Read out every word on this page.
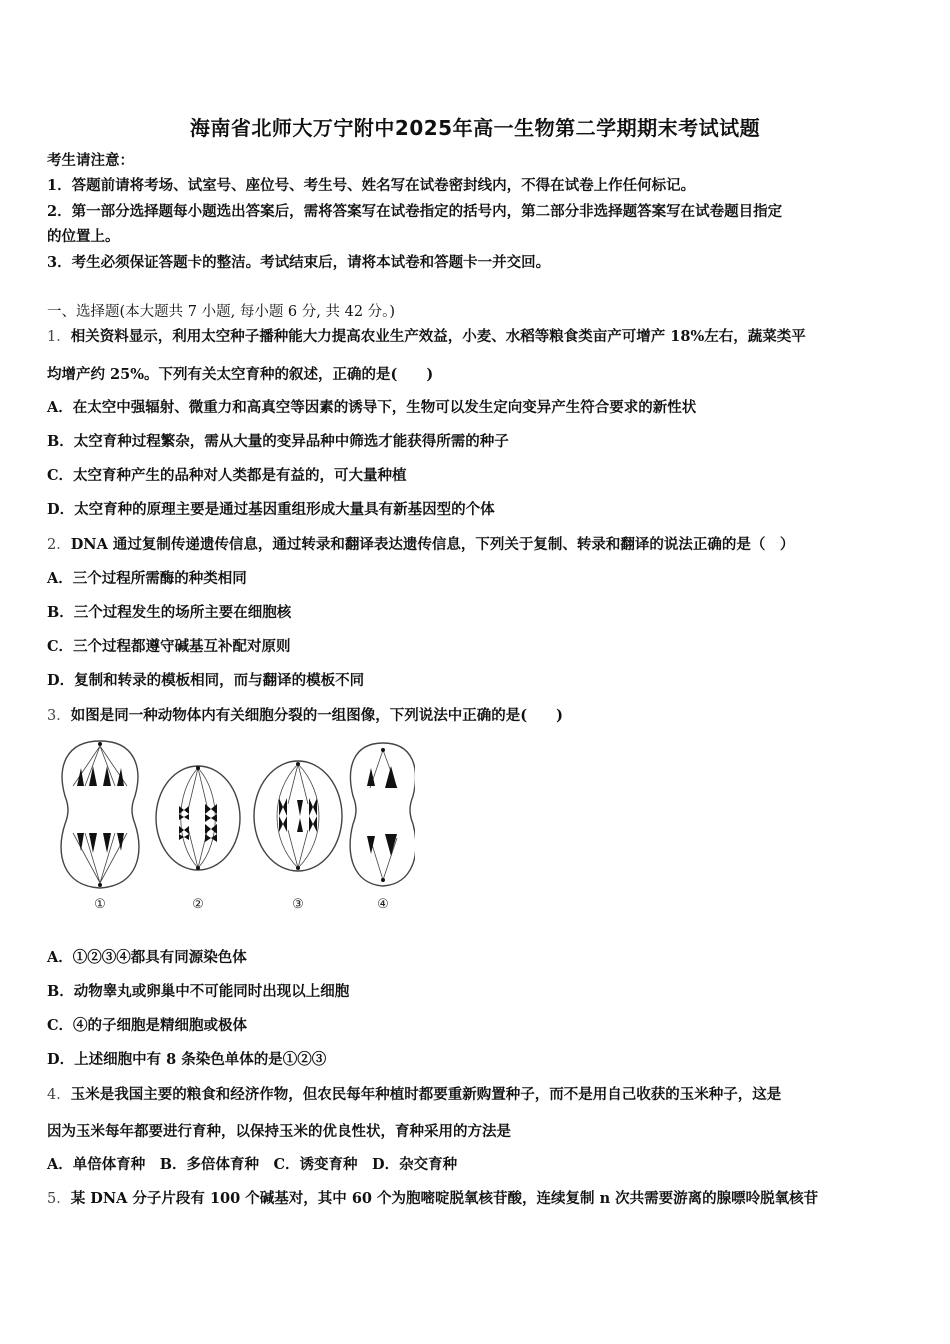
海南省北师大万宁附中2025年高一生物第二学期期末考试试题
考生请注意：
1．答题前请将考场、试室号、座位号、考生号、姓名写在试卷密封线内，不得在试卷上作任何标记。
2．第一部分选择题每小题选出答案后，需将答案写在试卷指定的括号内，第二部分非选择题答案写在试卷题目指定
的位置上。
3．考生必须保证答题卡的整洁。考试结束后，请将本试卷和答题卡一并交回。
一、选择题(本大题共 7 小题, 每小题 6 分, 共 42 分。)
1．相关资料显示，利用太空种子播种能大力提高农业生产效益，小麦、水稻等粮食类亩产可增产 18%左右，蔬菜类平
均增产约 25%。下列有关太空育种的叙述，正确的是(　　)
A．在太空中强辐射、微重力和高真空等因素的诱导下，生物可以发生定向变异产生符合要求的新性状
B．太空育种过程繁杂，需从大量的变异品种中筛选才能获得所需的种子
C．太空育种产生的品种对人类都是有益的，可大量种植
D．太空育种的原理主要是通过基因重组形成大量具有新基因型的个体
2．DNA 通过复制传递遗传信息，通过转录和翻译表达遗传信息，下列关于复制、转录和翻译的说法正确的是（　）
A．三个过程所需酶的种类相同
B．三个过程发生的场所主要在细胞核
C．三个过程都遵守碱基互补配对原则
D．复制和转录的模板相同，而与翻译的模板不同
3．如图是同一种动物体内有关细胞分裂的一组图像，下列说法中正确的是(　　)
①	②	③	④
A．①②③④都具有同源染色体
B．动物睾丸或卵巢中不可能同时出现以上细胞
C．④的子细胞是精细胞或极体
D．上述细胞中有 8 条染色单体的是①②③
4．玉米是我国主要的粮食和经济作物，但农民每年种植时都要重新购置种子，而不是用自己收获的玉米种子，这是
因为玉米每年都要进行育种，以保持玉米的优良性状，育种采用的方法是
A．单倍体育种　B．多倍体育种　C．诱变育种　D．杂交育种
5．某 DNA 分子片段有 100 个碱基对，其中 60 个为胞嘧啶脱氧核苷酸，连续复制 n 次共需要游离的腺嘌呤脱氧核苷
